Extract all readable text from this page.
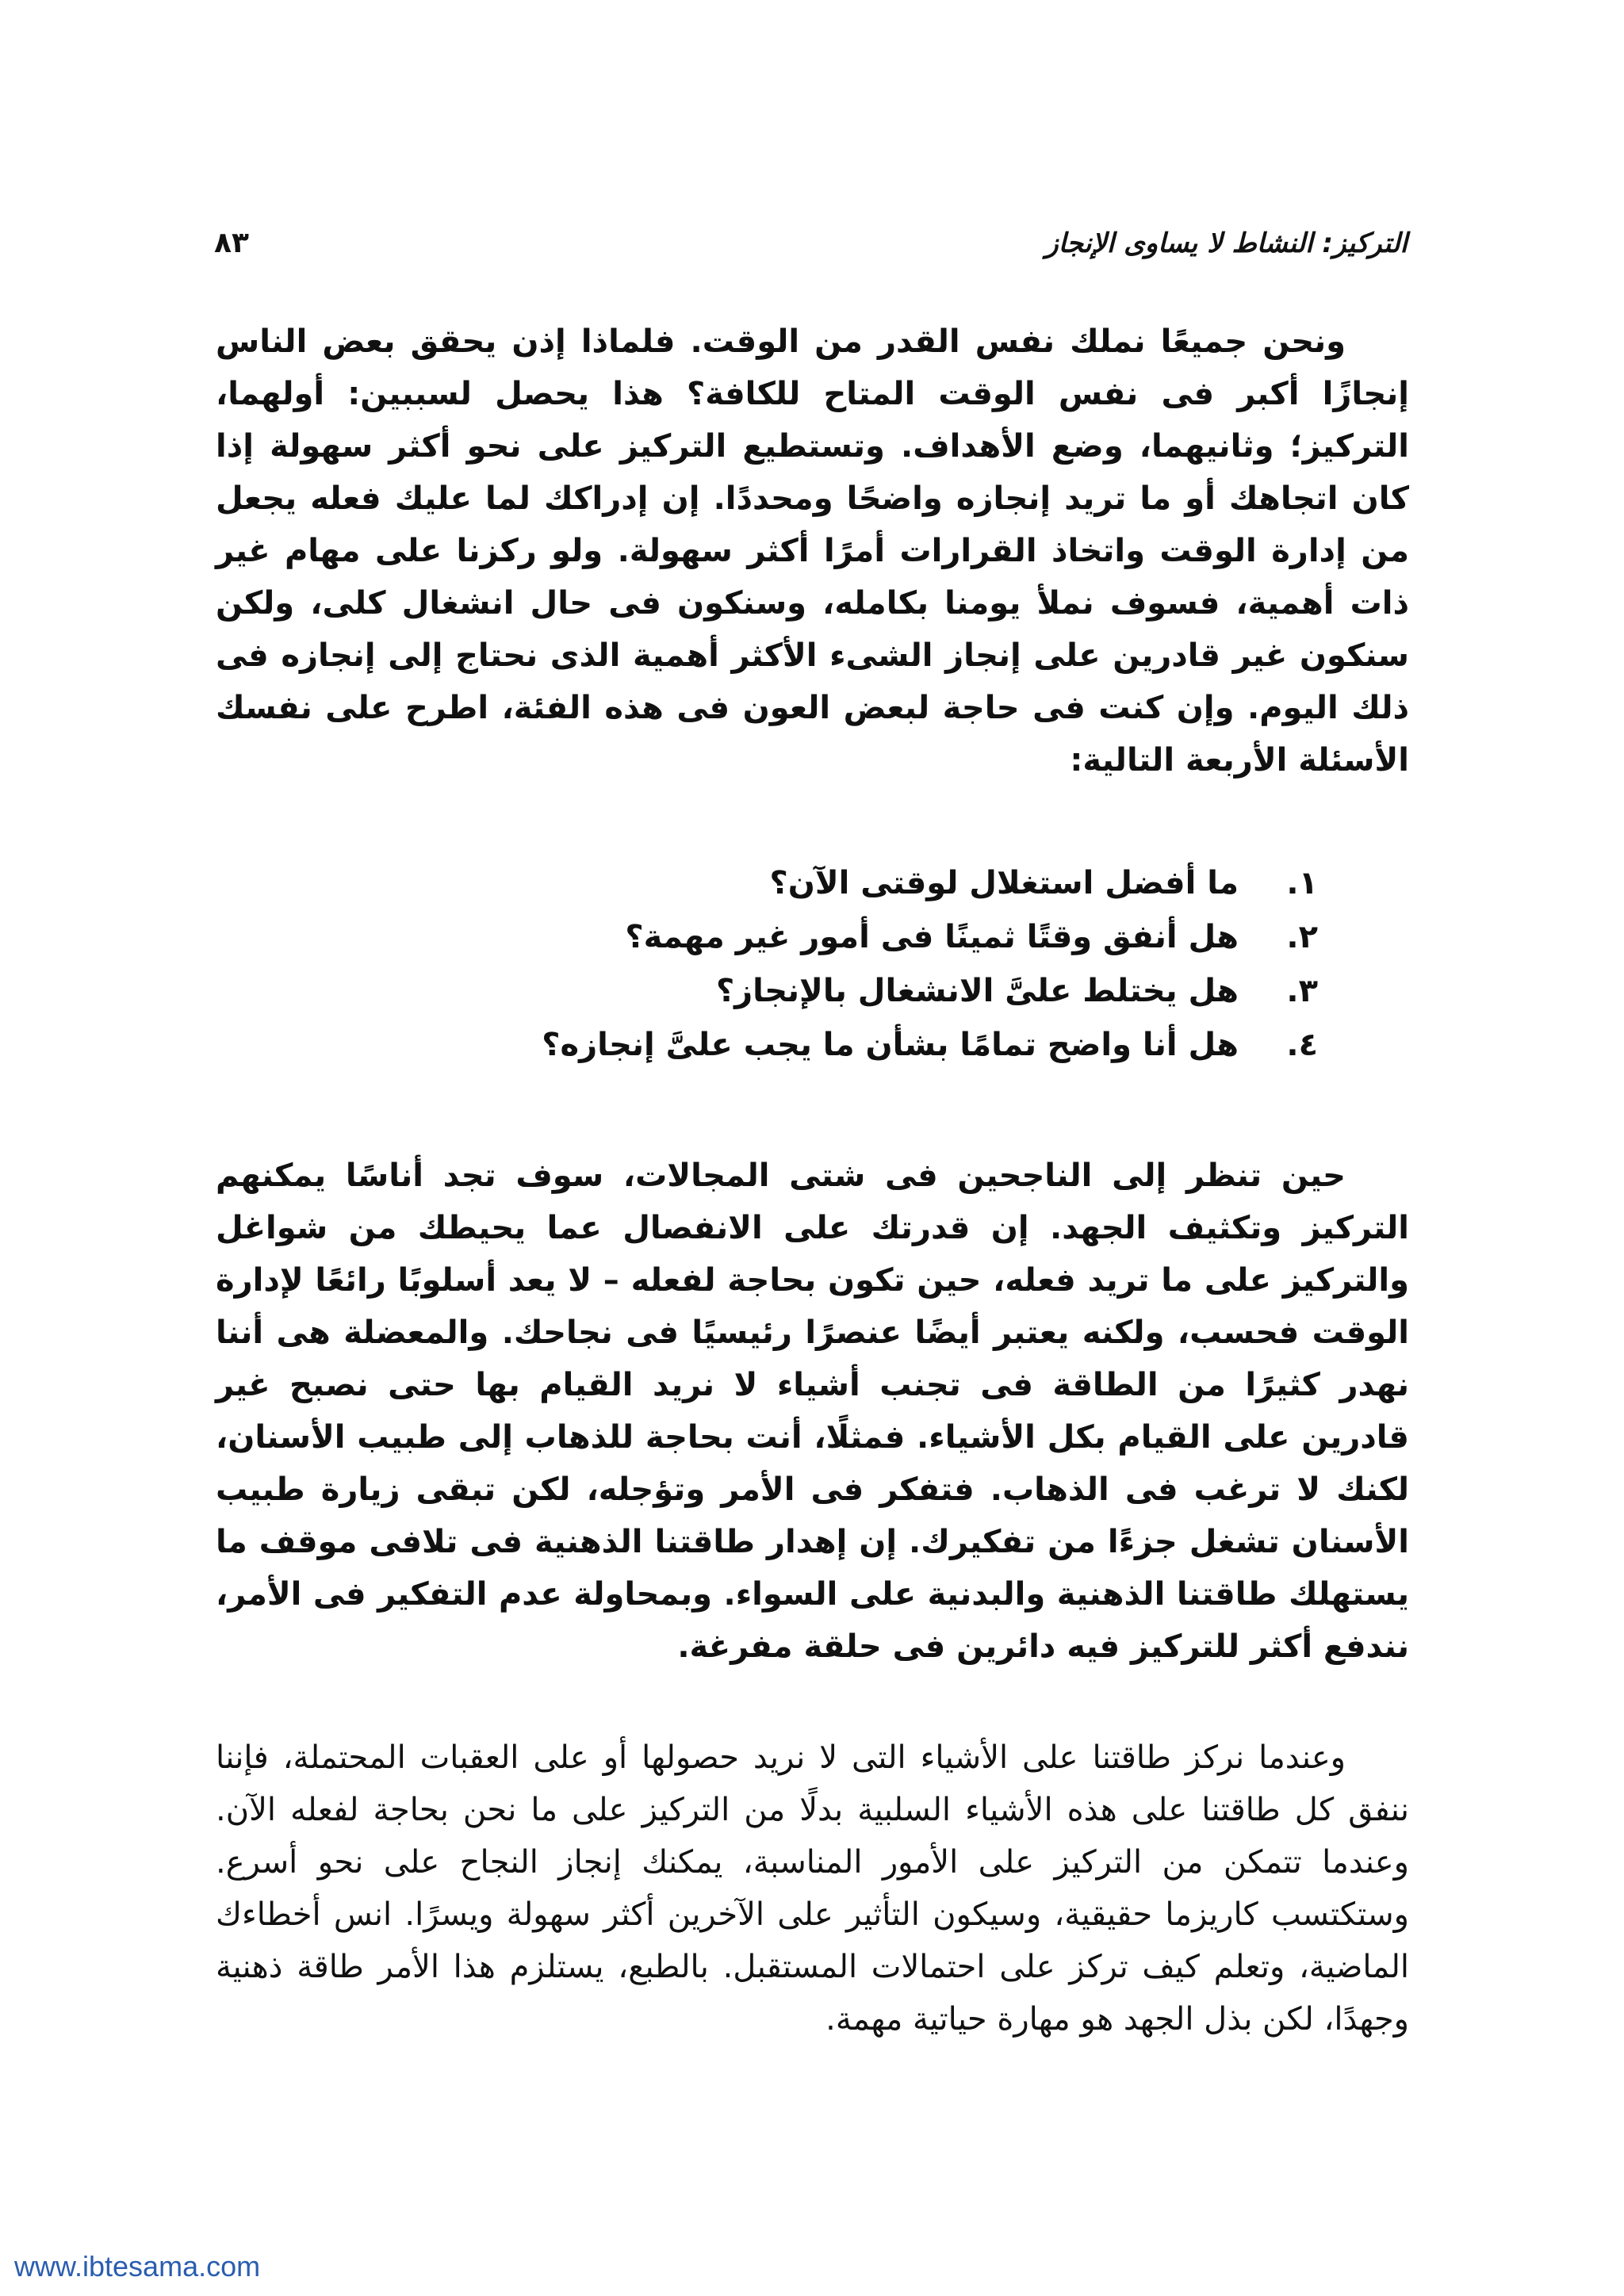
التركيز: النشاط لا يساوى الإنجاز
٨٣

ونحن جميعًا نملك نفس القدر من الوقت. فلماذا إذن يحقق بعض الناس إنجازًا أكبر فى نفس الوقت المتاح للكافة؟ هذا يحصل لسببين: أولهما، التركيز؛ وثانيهما، وضع الأهداف. وتستطيع التركيز على نحو أكثر سهولة إذا كان اتجاهك أو ما تريد إنجازه واضحًا ومحددًا. إن إدراكك لما عليك فعله يجعل من إدارة الوقت واتخاذ القرارات أمرًا أكثر سهولة. ولو ركزنا على مهام غير ذات أهمية، فسوف نملأ يومنا بكامله، وسنكون فى حال انشغال كلى، ولكن سنكون غير قادرين على إنجاز الشىء الأكثر أهمية الذى نحتاج إلى إنجازه فى ذلك اليوم. وإن كنت فى حاجة لبعض العون فى هذه الفئة، اطرح على نفسك الأسئلة الأربعة التالية:

١.
ما أفضل استغلال لوقتى الآن؟
٢.
هل أنفق وقتًا ثمينًا فى أمور غير مهمة؟
٣.
هل يختلط علىَّ الانشغال بالإنجاز؟
٤.
هل أنا واضح تمامًا بشأن ما يجب علىَّ إنجازه؟

حين تنظر إلى الناجحين فى شتى المجالات، سوف تجد أناسًا يمكنهم التركيز وتكثيف الجهد. إن قدرتك على الانفصال عما يحيطك من شواغل والتركيز على ما تريد فعله، حين تكون بحاجة لفعله – لا يعد أسلوبًا رائعًا لإدارة الوقت فحسب، ولكنه يعتبر أيضًا عنصرًا رئيسيًا فى نجاحك. والمعضلة هى أننا نهدر كثيرًا من الطاقة فى تجنب أشياء لا نريد القيام بها حتى نصبح غير قادرين على القيام بكل الأشياء. فمثلًا، أنت بحاجة للذهاب إلى طبيب الأسنان، لكنك لا ترغب فى الذهاب. فتفكر فى الأمر وتؤجله، لكن تبقى زيارة طبيب الأسنان تشغل جزءًا من تفكيرك. إن إهدار طاقتنا الذهنية فى تلافى موقف ما يستهلك طاقتنا الذهنية والبدنية على السواء. وبمحاولة عدم التفكير فى الأمر، نندفع أكثر للتركيز فيه دائرين فى حلقة مفرغة.

وعندما نركز طاقتنا على الأشياء التى لا نريد حصولها أو على العقبات المحتملة، فإننا ننفق كل طاقتنا على هذه الأشياء السلبية بدلًا من التركيز على ما نحن بحاجة لفعله الآن. وعندما تتمكن من التركيز على الأمور المناسبة، يمكنك إنجاز النجاح على نحو أسرع. وستكتسب كاريزما حقيقية، وسيكون التأثير على الآخرين أكثر سهولة ويسرًا. انس أخطاءك الماضية، وتعلم كيف تركز على احتمالات المستقبل. بالطبع، يستلزم هذا الأمر طاقة ذهنية وجهدًا، لكن بذل الجهد هو مهارة حياتية مهمة.

www.ibtesama.com
